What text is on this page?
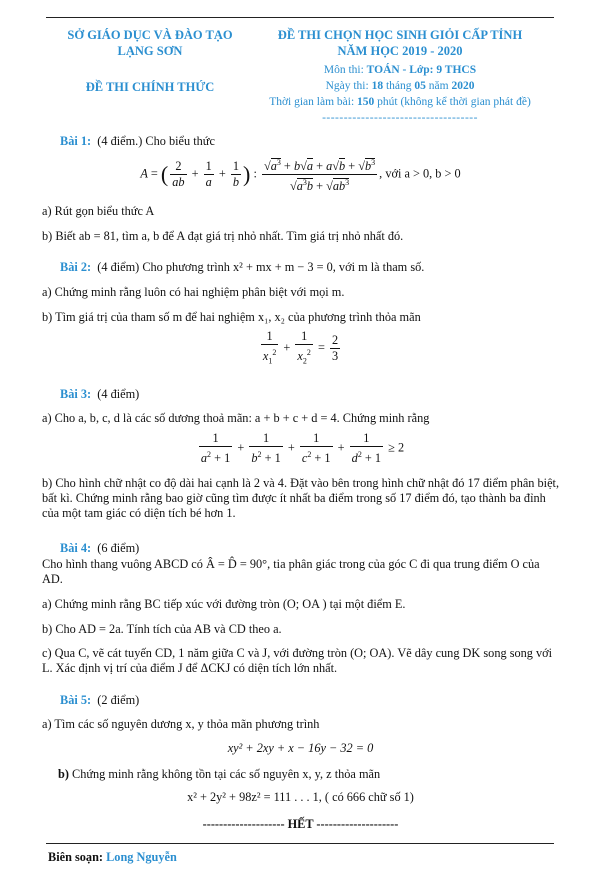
SỞ GIÁO DỤC VÀ ĐÀO TẠO
LẠNG SƠN
ĐỀ THI CHÍNH THỨC
ĐỀ THI CHỌN HỌC SINH GIỎI CẤP TỈNH
NĂM HỌC 2019 - 2020
Môn thi: TOÁN - Lớp: 9 THCS
Ngày thi: 18 tháng 05 năm 2020
Thời gian làm bài: 150 phút (không kể thời gian phát đề)
------------------------------------
Bài 1: (4 điểm.) Cho biểu thức
A = ( $\frac{2}{ab} + \frac{1}{a} + \frac{1}{b}$ ) : $\frac{√a^3 + b√a + a√b + √b^3}{√a^3b + √ab^3}$ , với a > 0, b > 0
a) Rút gọn biểu thức A
b) Biết ab = 81, tìm a, b để A đạt giá trị nhỏ nhất. Tìm giá trị nhỏ nhất đó.
Bài 2: (4 điểm) Cho phương trình x² + mx + m − 3 = 0, với m là tham số.
a) Chứng minh rằng luôn có hai nghiệm phân biệt với mọi m.
b) Tìm giá trị của tham số m để hai nghiệm x₁, x₂ của phương trình thỏa mãn
$\frac{1}{x_1^2} + \frac{1}{x_2^2} = \frac{2}{3}$
Bài 3: (4 điểm)
a) Cho a, b, c, d là các số dương thoả mãn: a + b + c + d = 4. Chứng minh rằng
$\frac{1}{a^2 + 1} + \frac{1}{b^2 + 1} + \frac{1}{c^2 + 1} + \frac{1}{d^2 + 1} \ge 2$
b) Cho hình chữ nhật co độ dài hai cạnh là 2 và 4. Đặt vào bên trong hình chữ nhật đó 17 điểm phân biệt, bất kì. Chứng minh rằng bao giờ cũng tìm được ít nhất ba điểm trong số 17 điểm đó, tạo thành ba đỉnh của một tam giác có diện tích bé hơn 1.
Bài 4: (6 điểm)
Cho hình thang vuông ABCD có Â = D̂ = 90°, tia phân giác trong của góc C đi qua trung điểm O của AD.
a) Chứng minh rằng BC tiếp xúc với đường tròn (O; OA ) tại một điểm E.
b) Cho AD = 2a. Tính tích của AB và CD theo a.
c) Qua C, vẽ cát tuyến CD, 1 năm giữa C và J, với đường tròn (O; OA). Vẽ dây cung DK song song với L. Xác định vị trí của điểm J để ΔCKJ có diện tích lớn nhất.
Bài 5: (2 điểm)
a) Tìm các số nguyên dương x, y thỏa mãn phương trình
xy² + 2xy + x − 16y − 32 = 0
b) Chứng minh rằng không tồn tại các số nguyên x, y, z thỏa mãn
x² + 2y² + 98z² = 111 . . . 1, ( có 666 chữ số 1)
-------------------- HẾT --------------------
Biên soạn: Long Nguyễn
